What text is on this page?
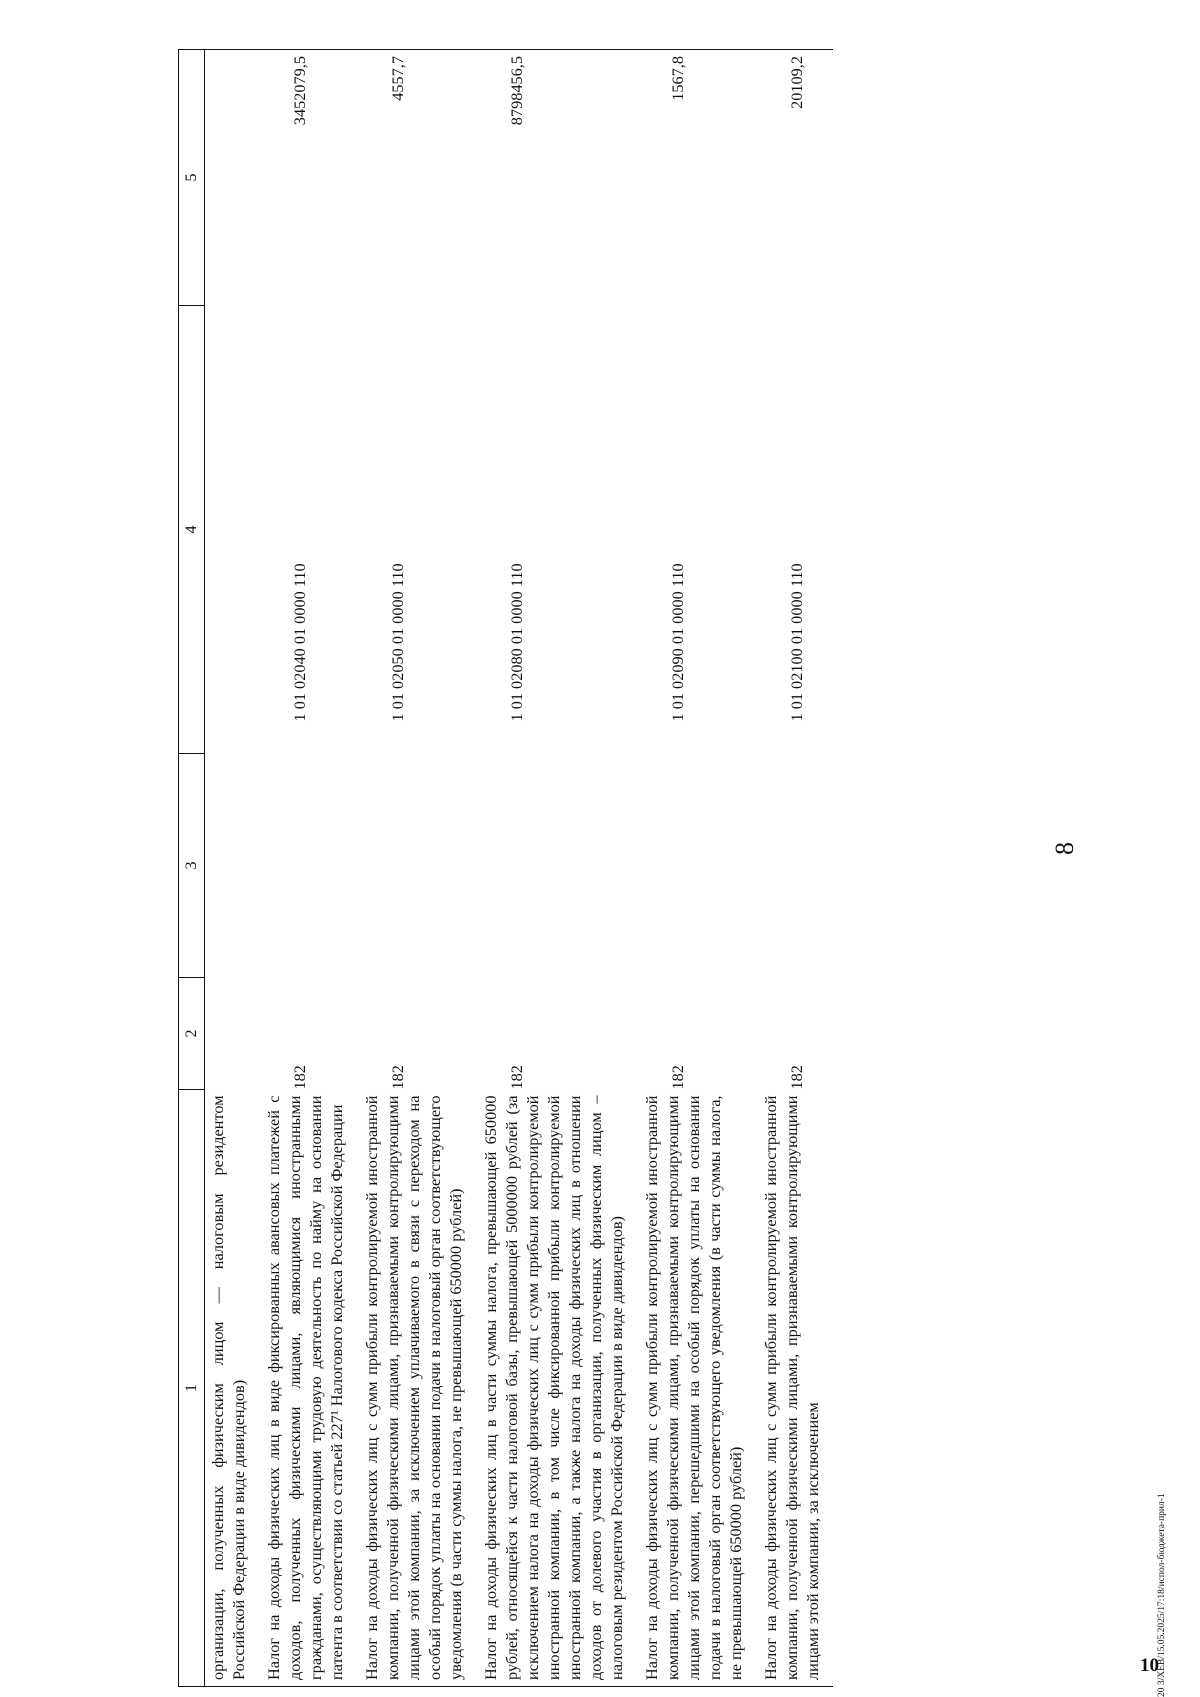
8
1	2	3	4	5

организации, полученных физическим лицом — налоговым резидентом Российской Федерации в виде дивидендов)				

Налог на доходы физических лиц в виде фиксированных авансовых платежей с доходов, полученных физическими лицами, являющимися иностранными гражданами, осуществляющими трудовую деятельность по найму на основании патента в соответствии со статьей 227¹ Налогового кодекса Российской Федерации	182		1 01 02040 01 0000 110	3452079,5

Налог на доходы физических лиц с сумм прибыли контролируемой иностранной компании, полученной физическими лицами, признаваемыми контролирующими лицами этой компании, за исключением уплачиваемого в связи с переходом на особый порядок уплаты на основании подачи в налоговый орган соответствующего уведомления (в части суммы налога, не превышающей 650000 рублей)	182		1 01 02050 01 0000 110	4557,7

Налог на доходы физических лиц в части суммы налога, превышающей 650000 рублей, относящейся к части налоговой базы, превышающей 5000000 рублей (за исключением налога на доходы физических лиц с сумм прибыли контролируемой иностранной компании, в том числе фиксированной прибыли контролируемой иностранной компании, а также налога на доходы физических лиц в отношении доходов от долевого участия в организации, полученных физическим лицом – налоговым резидентом Российской Федерации в виде дивидендов)	182		1 01 02080 01 0000 110	8798456,5

Налог на доходы физических лиц с сумм прибыли контролируемой иностранной компании, полученной физическими лицами, признаваемыми контролирующими лицами этой компании, перешедшими на особый порядок уплаты на основании подачи в налоговый орган соответствующего уведомления (в части суммы налога, не превышающей 650000 рублей)	182		1 01 02090 01 0000 110	1567,8

Налог на доходы физических лиц с сумм прибыли контролируемой иностранной компании, полученной физическими лицами, признаваемыми контролирующими лицами этой компании, за исключением	182		1 01 02100 01 0000 110	20109,2
20 3/XEB/15.05.2025/17:18/испол-бюджета-прил-1
10
